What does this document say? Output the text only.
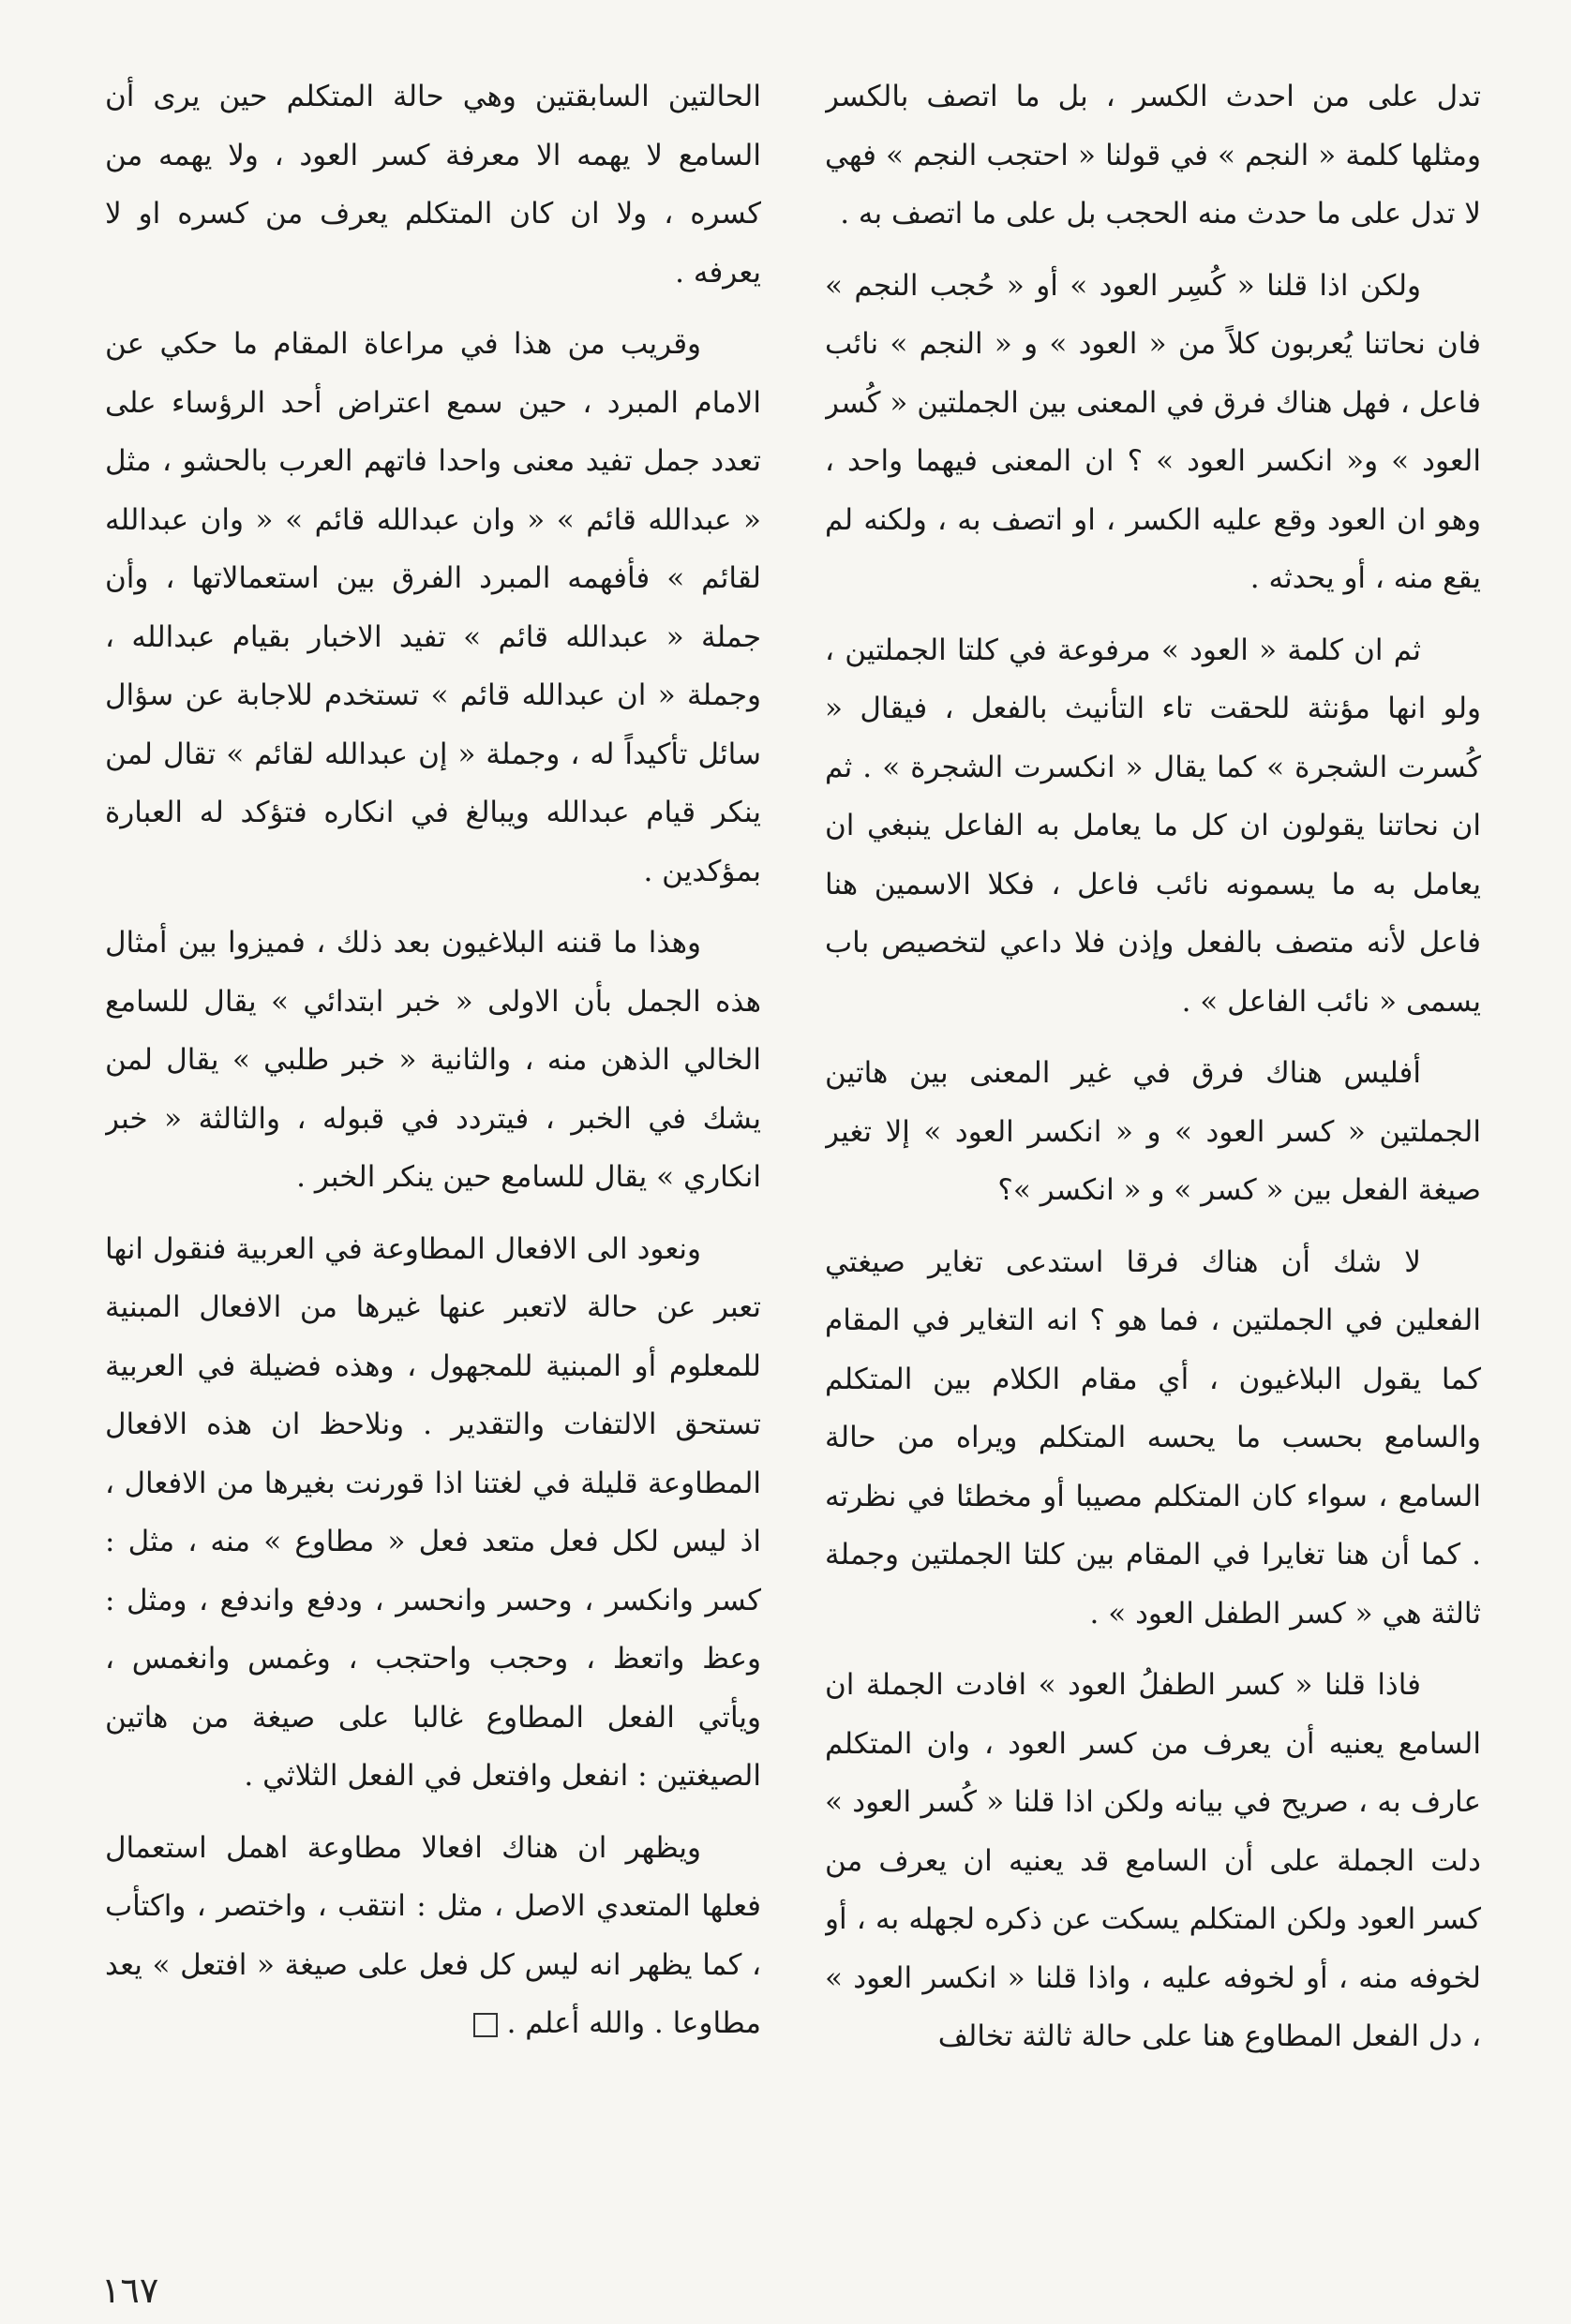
تدل على من احدث الكسر ، بل ما اتصف بالكسر ومثلها كلمة « النجم » في قولنا « احتجب النجم » فهي لا تدل على ما حدث منه الحجب بل على ما اتصف به .

ولكن اذا قلنا « كُسِر العود » أو « حُجب النجم » فان نحاتنا يُعربون كلاً من « العود » و « النجم » نائب فاعل ، فهل هناك فرق في المعنى بين الجملتين « كُسر العود » و« انكسر العود » ؟ ان المعنى فيهما واحد ، وهو ان العود وقع عليه الكسر ، او اتصف به ، ولكنه لم يقع منه ، أو يحدثه .

ثم ان كلمة « العود » مرفوعة في كلتا الجملتين ، ولو انها مؤنثة للحقت تاء التأنيث بالفعل ، فيقال « كُسرت الشجرة » كما يقال « انكسرت الشجرة » . ثم ان نحاتنا يقولون ان كل ما يعامل به الفاعل ينبغي ان يعامل به ما يسمونه نائب فاعل ، فكلا الاسمين هنا فاعل لأنه متصف بالفعل وإذن فلا داعي لتخصيص باب يسمى « نائب الفاعل » .

أفليس هناك فرق في غير المعنى بين هاتين الجملتين « كسر العود » و « انكسر العود » إلا تغير صيغة الفعل بين « كسر » و « انكسر »؟

لا شك أن هناك فرقا استدعى تغاير صيغتي الفعلين في الجملتين ، فما هو ؟ انه التغاير في المقام كما يقول البلاغيون ، أي مقام الكلام بين المتكلم والسامع بحسب ما يحسه المتكلم ويراه من حالة السامع ، سواء كان المتكلم مصيبا أو مخطئا في نظرته . كما أن هنا تغايرا في المقام بين كلتا الجملتين وجملة ثالثة هي « كسر الطفل العود » .

فاذا قلنا « كسر الطفلُ العود » افادت الجملة ان السامع يعنيه أن يعرف من كسر العود ، وان المتكلم عارف به ، صريح في بيانه ولكن اذا قلنا « كُسر العود » دلت الجملة على أن السامع قد يعنيه ان يعرف من كسر العود ولكن المتكلم يسكت عن ذكره لجهله به ، أو لخوفه منه ، أو لخوفه عليه ، واذا قلنا « انكسر العود » ، دل الفعل المطاوع هنا على حالة ثالثة تخالف

الحالتين السابقتين وهي حالة المتكلم حين يرى أن السامع لا يهمه الا معرفة كسر العود ، ولا يهمه من كسره ، ولا ان كان المتكلم يعرف من كسره او لا يعرفه .

وقريب من هذا في مراعاة المقام ما حكي عن الامام المبرد ، حين سمع اعتراض أحد الرؤساء على تعدد جمل تفيد معنى واحدا فاتهم العرب بالحشو ، مثل « عبدالله قائم » « وان عبدالله قائم » « وان عبدالله لقائم » فأفهمه المبرد الفرق بين استعمالاتها ، وأن جملة « عبدالله قائم » تفيد الاخبار بقيام عبدالله ، وجملة « ان عبدالله قائم » تستخدم للاجابة عن سؤال سائل تأكيداً له ، وجملة « إن عبدالله لقائم » تقال لمن ينكر قيام عبدالله ويبالغ في انكاره فتؤكد له العبارة بمؤكدين .

وهذا ما قننه البلاغيون بعد ذلك ، فميزوا بين أمثال هذه الجمل بأن الاولى « خبر ابتدائي » يقال للسامع الخالي الذهن منه ، والثانية « خبر طلبي » يقال لمن يشك في الخبر ، فيتردد في قبوله ، والثالثة « خبر انكاري » يقال للسامع حين ينكر الخبر .

ونعود الى الافعال المطاوعة في العربية فنقول انها تعبر عن حالة لاتعبر عنها غيرها من الافعال المبنية للمعلوم أو المبنية للمجهول ، وهذه فضيلة في العربية تستحق الالتفات والتقدير . ونلاحظ ان هذه الافعال المطاوعة قليلة في لغتنا اذا قورنت بغيرها من الافعال ، اذ ليس لكل فعل متعد فعل « مطاوع » منه ، مثل : كسر وانكسر ، وحسر وانحسر ، ودفع واندفع ، ومثل : وعظ واتعظ ، وحجب واحتجب ، وغمس وانغمس ، ويأتي الفعل المطاوع غالبا على صيغة من هاتين الصيغتين : انفعل وافتعل في الفعل الثلاثي .

ويظهر ان هناك افعالا مطاوعة اهمل استعمال فعلها المتعدي الاصل ، مثل : انتقب ، واختصر ، واكتأب ، كما يظهر انه ليس كل فعل على صيغة « افتعل » يعد مطاوعا . والله أعلم .

١٦٧
